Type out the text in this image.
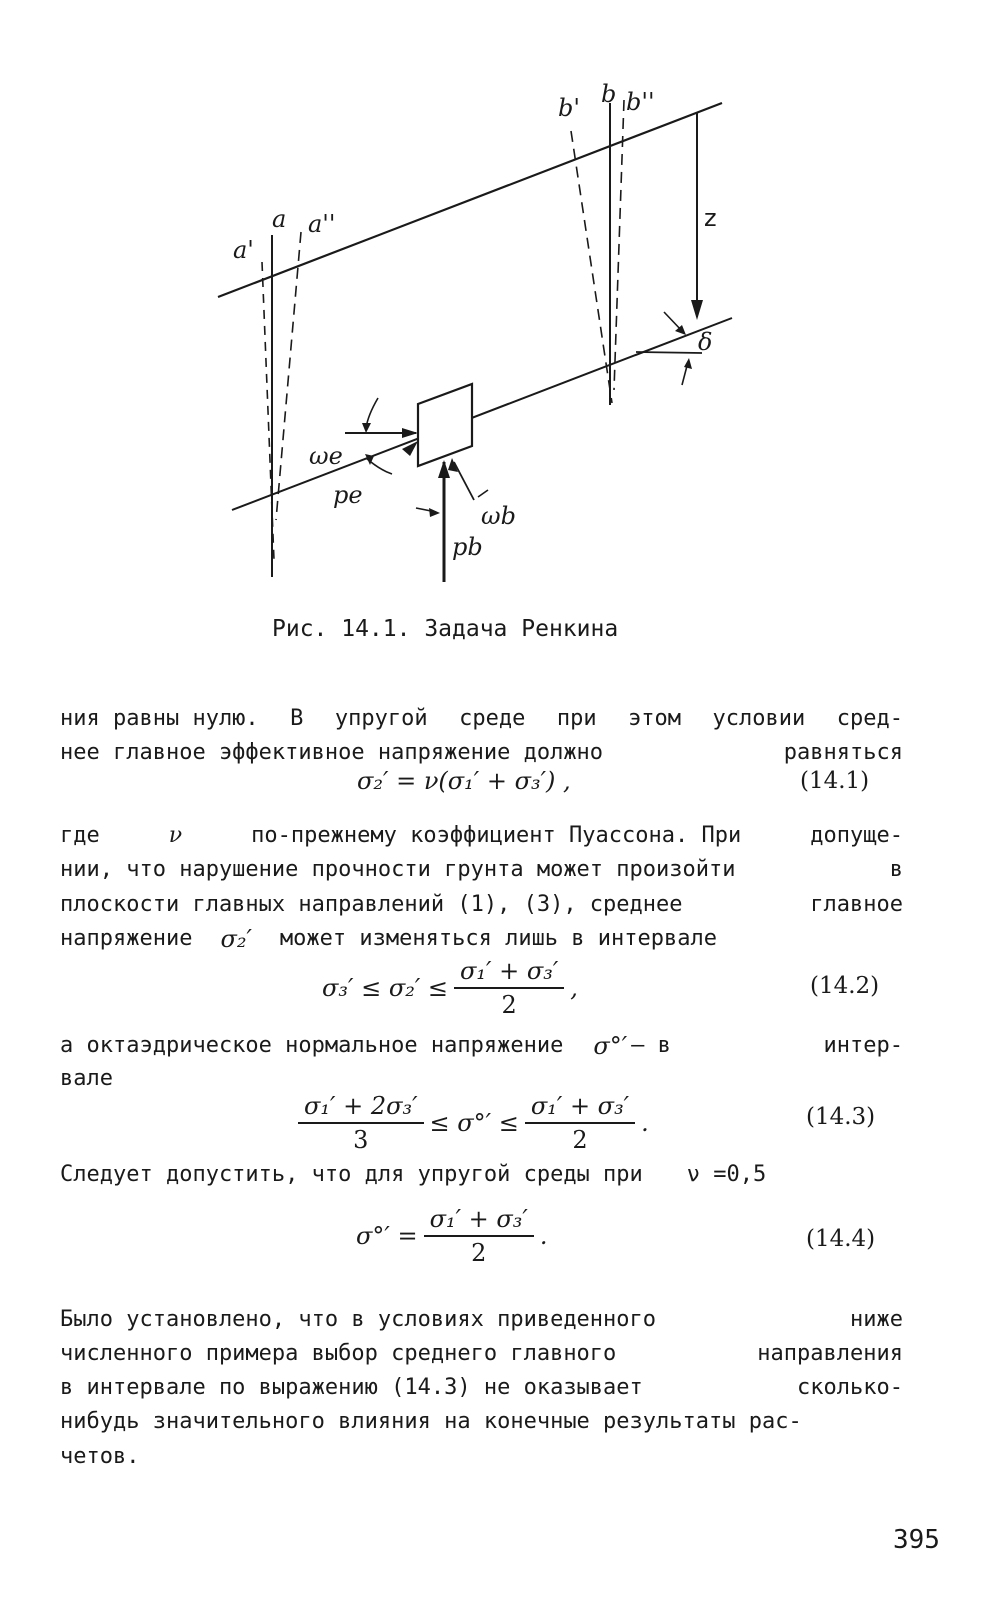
a'
a a''
b' b b''
z
δ
ωe
pe
ωb
pb
Рис. 14.1. Задача Ренкина
ния равны нулю. В упругой среде при этом условии сред-
нее главное эффективное напряжение должно	равняться
σ₂′ = ν(σ₁′ + σ₃′) ,	(14.1)
где	ν	по-прежнему коэффициент Пуассона. При	допуще-
нии, что нарушение прочности грунта может произойти	в
плоскости главных направлений (1), (3), среднее	главное
напряжение σ₂′ может изменяться лишь в интервале
$\sigma_3' \le \sigma_2' \le \frac{\text{σ₁′ + σ₃′}}{2}$ ,	(14.2)
а октаэдрическое нормальное напряжение σ°′ – в	интер-
вале
$\frac{\text{σ₁′ + 2σ₃′}}{3} \le \sigma^\circ' \le \frac{\text{σ₁′ + σ₃′}}{2}$ .	(14.3)
Следует допустить, что для упругой среды при ν =0,5
$\sigma^\circ' = \frac{\text{σ₁′ + σ₃′}}{2}$ .	(14.4)
Было установлено, что в условиях приведенного	ниже
численного примера выбор среднего главного	направления
в интервале по выражению (14.3) не оказывает	сколько-
нибудь значительного влияния на конечные результаты рас-
четов.
395
